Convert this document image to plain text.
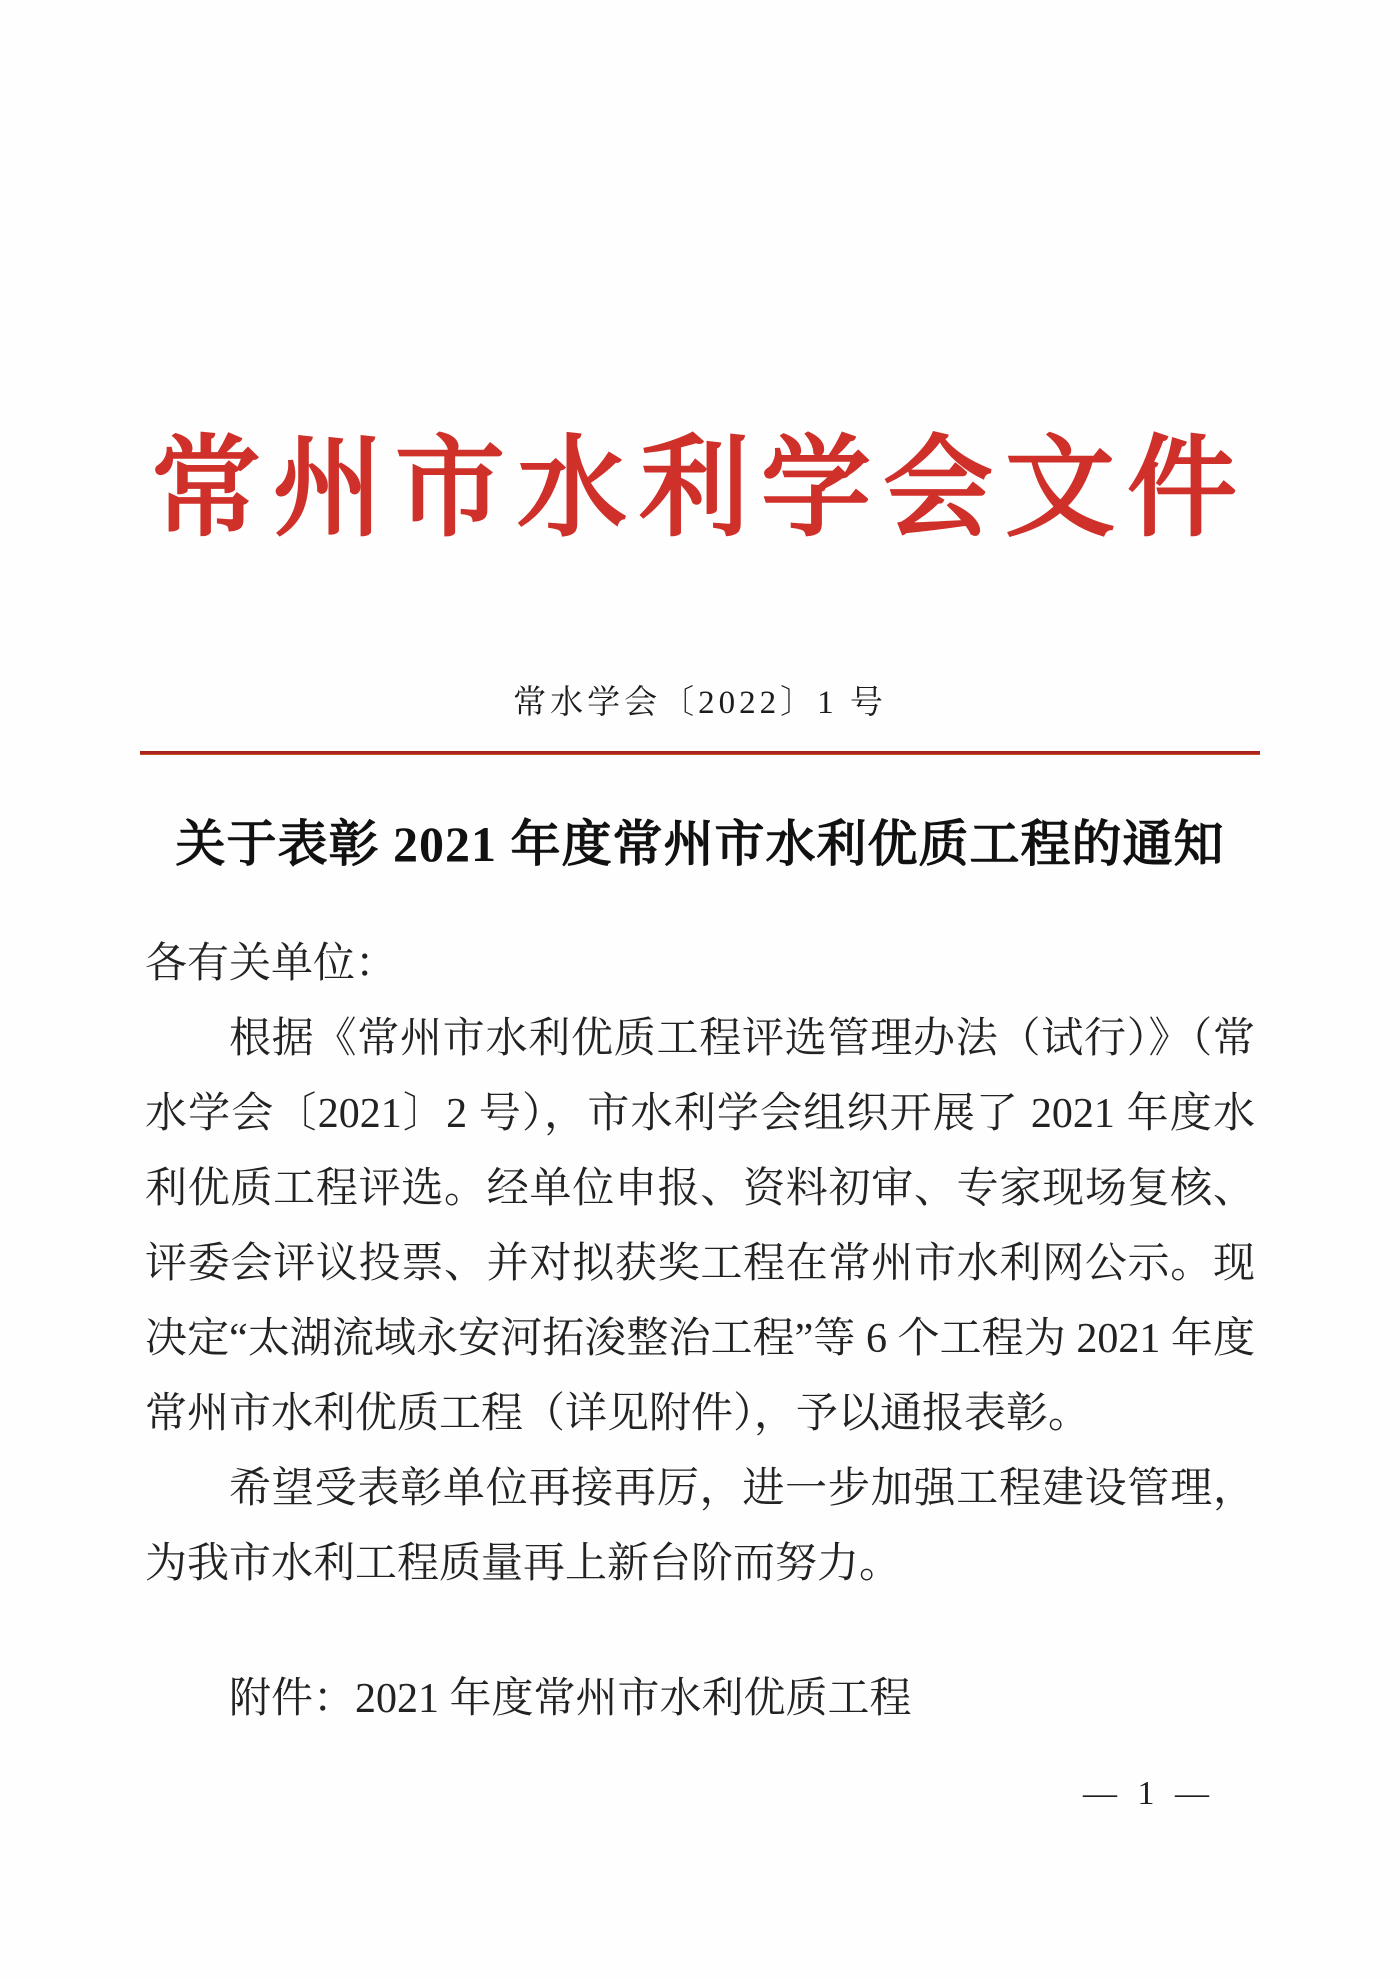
常州市水利学会文件
常水学会〔2022〕1 号
关于表彰 2021 年度常州市水利优质工程的通知
各有关单位：
根据《常州市水利优质工程评选管理办法（试行）》（常水学会〔2021〕2 号），市水利学会组织开展了 2021 年度水利优质工程评选。经单位申报、资料初审、专家现场复核、评委会评议投票、并对拟获奖工程在常州市水利网公示。现决定“太湖流域永安河拓浚整治工程”等 6 个工程为 2021 年度常州市水利优质工程（详见附件），予以通报表彰。
希望受表彰单位再接再厉，进一步加强工程建设管理，为我市水利工程质量再上新台阶而努力。
附件：2021 年度常州市水利优质工程
— 1 —
